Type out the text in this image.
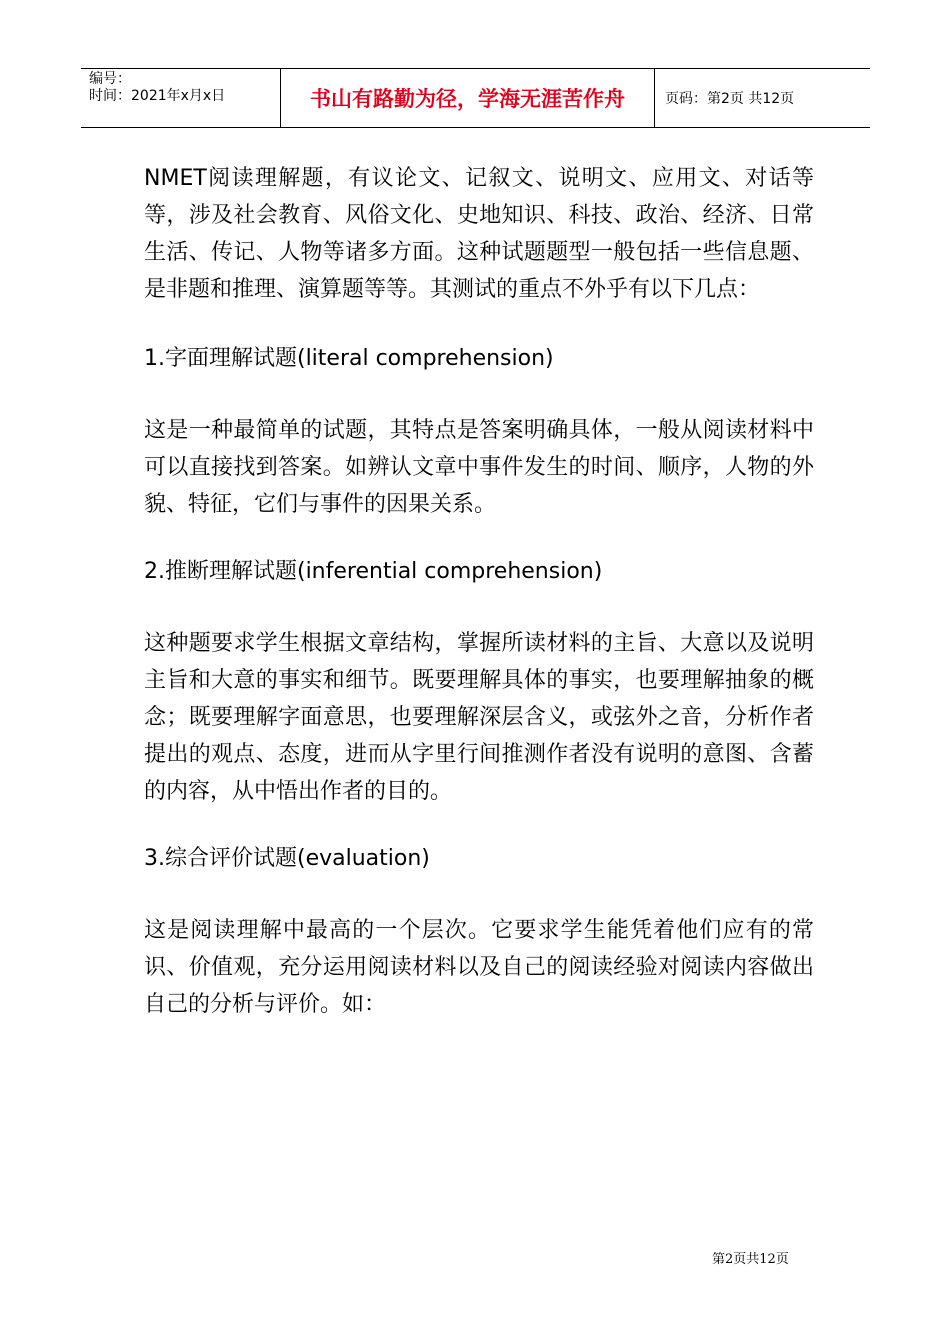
编号：
时间：2021年x月x日	书山有路勤为径，学海无涯苦作舟	页码：第2页 共12页

NMET阅读理解题，有议论文、记叙文、说明文、应用文、对话等等，涉及社会教育、风俗文化、史地知识、科技、政治、经济、日常生活、传记、人物等诸多方面。这种试题题型一般包括一些信息题、是非题和推理、演算题等等。其测试的重点不外乎有以下几点：

1.字面理解试题(literal comprehension)

这是一种最简单的试题，其特点是答案明确具体，一般从阅读材料中可以直接找到答案。如辨认文章中事件发生的时间、顺序，人物的外貌、特征，它们与事件的因果关系。

2.推断理解试题(inferential comprehension)

这种题要求学生根据文章结构，掌握所读材料的主旨、大意以及说明主旨和大意的事实和细节。既要理解具体的事实，也要理解抽象的概念；既要理解字面意思，也要理解深层含义，或弦外之音，分析作者提出的观点、态度，进而从字里行间推测作者没有说明的意图、含蓄的内容，从中悟出作者的目的。

3.综合评价试题(evaluation)

这是阅读理解中最高的一个层次。它要求学生能凭着他们应有的常识、价值观，充分运用阅读材料以及自己的阅读经验对阅读内容做出自己的分析与评价。如：

第2页共12页
